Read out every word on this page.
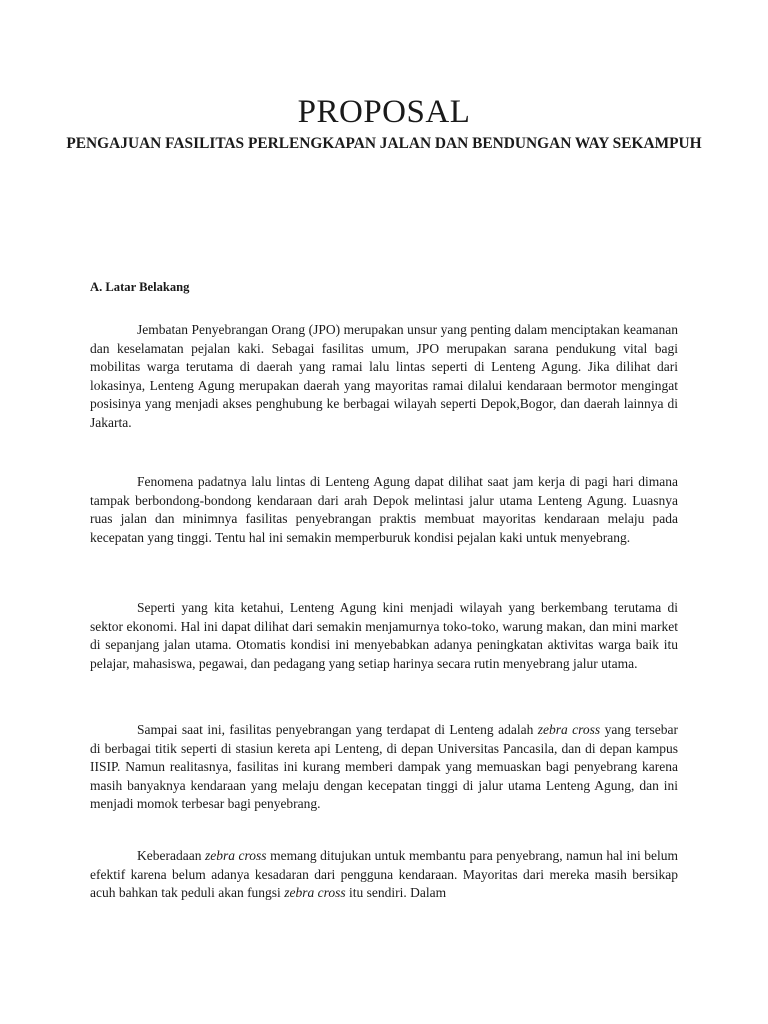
PROPOSAL
PENGAJUAN FASILITAS PERLENGKAPAN JALAN DAN BENDUNGAN WAY SEKAMPUH
A. Latar Belakang

Jembatan Penyebrangan Orang (JPO) merupakan unsur yang penting dalam menciptakan keamanan dan keselamatan pejalan kaki. Sebagai fasilitas umum, JPO merupakan sarana pendukung vital bagi mobilitas warga terutama di daerah yang ramai lalu lintas seperti di Lenteng Agung. Jika dilihat dari lokasinya, Lenteng Agung merupakan daerah yang mayoritas ramai dilalui kendaraan bermotor mengingat posisinya yang menjadi akses penghubung ke berbagai wilayah seperti Depok,Bogor, dan daerah lainnya di Jakarta.

Fenomena padatnya lalu lintas di Lenteng Agung dapat dilihat saat jam kerja di pagi hari dimana tampak berbondong-bondong kendaraan dari arah Depok melintasi jalur utama Lenteng Agung. Luasnya ruas jalan dan minimnya fasilitas penyebrangan praktis membuat mayoritas kendaraan melaju pada kecepatan yang tinggi. Tentu hal ini semakin memperburuk kondisi pejalan kaki untuk menyebrang.

Seperti yang kita ketahui, Lenteng Agung kini menjadi wilayah yang berkembang terutama di sektor ekonomi. Hal ini dapat dilihat dari semakin menjamurnya toko-toko, warung makan, dan mini market di sepanjang jalan utama. Otomatis kondisi ini menyebabkan adanya peningkatan aktivitas warga baik itu pelajar, mahasiswa, pegawai, dan pedagang yang setiap harinya secara rutin menyebrang jalur utama.

Sampai saat ini, fasilitas penyebrangan yang terdapat di Lenteng adalah zebra cross yang tersebar di berbagai titik seperti di stasiun kereta api Lenteng, di depan Universitas Pancasila, dan di depan kampus IISIP. Namun realitasnya, fasilitas ini kurang memberi dampak yang memuaskan bagi penyebrang karena masih banyaknya kendaraan yang melaju dengan kecepatan tinggi di jalur utama Lenteng Agung, dan ini menjadi momok terbesar bagi penyebrang.

Keberadaan zebra cross memang ditujukan untuk membantu para penyebrang, namun hal ini belum efektif karena belum adanya kesadaran dari pengguna kendaraan. Mayoritas dari mereka masih bersikap acuh bahkan tak peduli akan fungsi zebra cross itu sendiri. Dalam
